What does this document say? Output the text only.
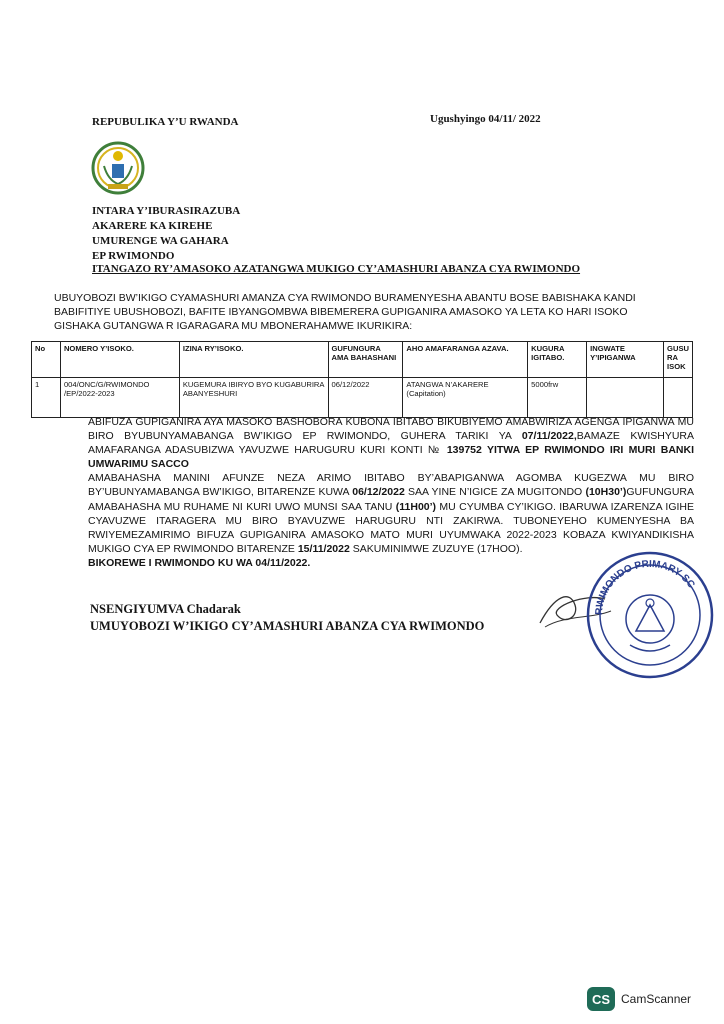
REPUBULIKA Y’U RWANDA	Ugushyingo 04/11/ 2022
INTARA Y’IBURASIRAZUBA
AKARERE KA KIREHE
UMURENGE WA GAHARA
EP RWIMONDO
ITANGAZO RY’AMASOKO AZATANGWA MUKIGO CY’AMASHURI ABANZA CYA RWIMONDO
UBUYOBOZI BW’IKIGO CYAMASHURI AMANZA CYA RWIMONDO BURAMENYESHA ABANTU BOSE BABISHAKA KANDI BABIFITIYE UBUSHOBOZI, BAFITE IBYANGOMBWA BIBEMERERA GUPIGANIRA AMASOKO YA LETA KO HARI ISOKO GISHAKA GUTANGWA R IGARAGARA MU MBONERAHAMWE IKURIKIRA:
No	NOMERO Y’ISOKO.	IZINA RY’ISOKO.	GUFUNGURA AMA BAHASHANI	AHO AMAFARANGA AZAVA.	KUGURA IGITABO.	INGWATE Y’IPIGANWA	GUSU RA ISOK
1	004/ONC/G/RWIMONDO /EP/2022-2023	KUGEMURA IBIRYO BYO KUGABURIRA ABANYESHURI	06/12/2022	ATANGWA N’AKARERE (Capitation)	5000frw		

ABIFUZA GUPIGANIRA AYA MASOKO BASHOBORA KUBONA IBITABO BIKUBIYEMO AMABWIRIZA AGENGA IPIGANWA MU BIRO BYUBUNYAMABANGA BW’IKIGO EP RWIMONDO, GUHERA TARIKI YA 07/11/2022,BAMAZE KWISHYURA AMAFARANGA ADASUBIZWA YAVUZWE HARUGURU KURI KONTI № 139752 YITWA EP RWIMONDO IRI MURI BANKI UMWARIMU SACCO

AMABAHASHA MANINI AFUNZE NEZA ARIMO IBITABO BY’ABAPIGANWA AGOMBA KUGEZWA MU BIRO BY’UBUNYAMABANGA BW’IKIGO, BITARENZE KUWA 06/12/2022 SAA YINE N’IGICE ZA MUGITONDO (10H30’)GUFUNGURA AMABAHASHA MU RUHAME NI KURI UWO MUNSI SAA TANU (11H00’) MU CYUMBA CY’IKIGO. IBARUWA IZARENZA IGIHE CYAVUZWE ITARAGERA MU BIRO BYAVUZWE HARUGURU NTI ZAKIRWA. TUBONEYEHO KUMENYESHA BA RWIYEMEZAMIRIMO BIFUZA GUPIGANIRA AMASOKO MATO MURI UYUMWAKA 2022-2023 KOBAZA KWIYANDIKISHA MUKIGO CYA EP RWIMONDO BITARENZE 15/11/2022 SAKUMINIMWE ZUZUYE (17HOO).

BIKOREWE I RWIMONDO KU WA 04/11/2022.

NSENGIYUMVA Chadarak
UMUYOBOZI W’IKIGO CY’AMASHURI ABANZA CYA RWIMONDO
RWIMONDO PRIMARY SC
CS CamScanner
